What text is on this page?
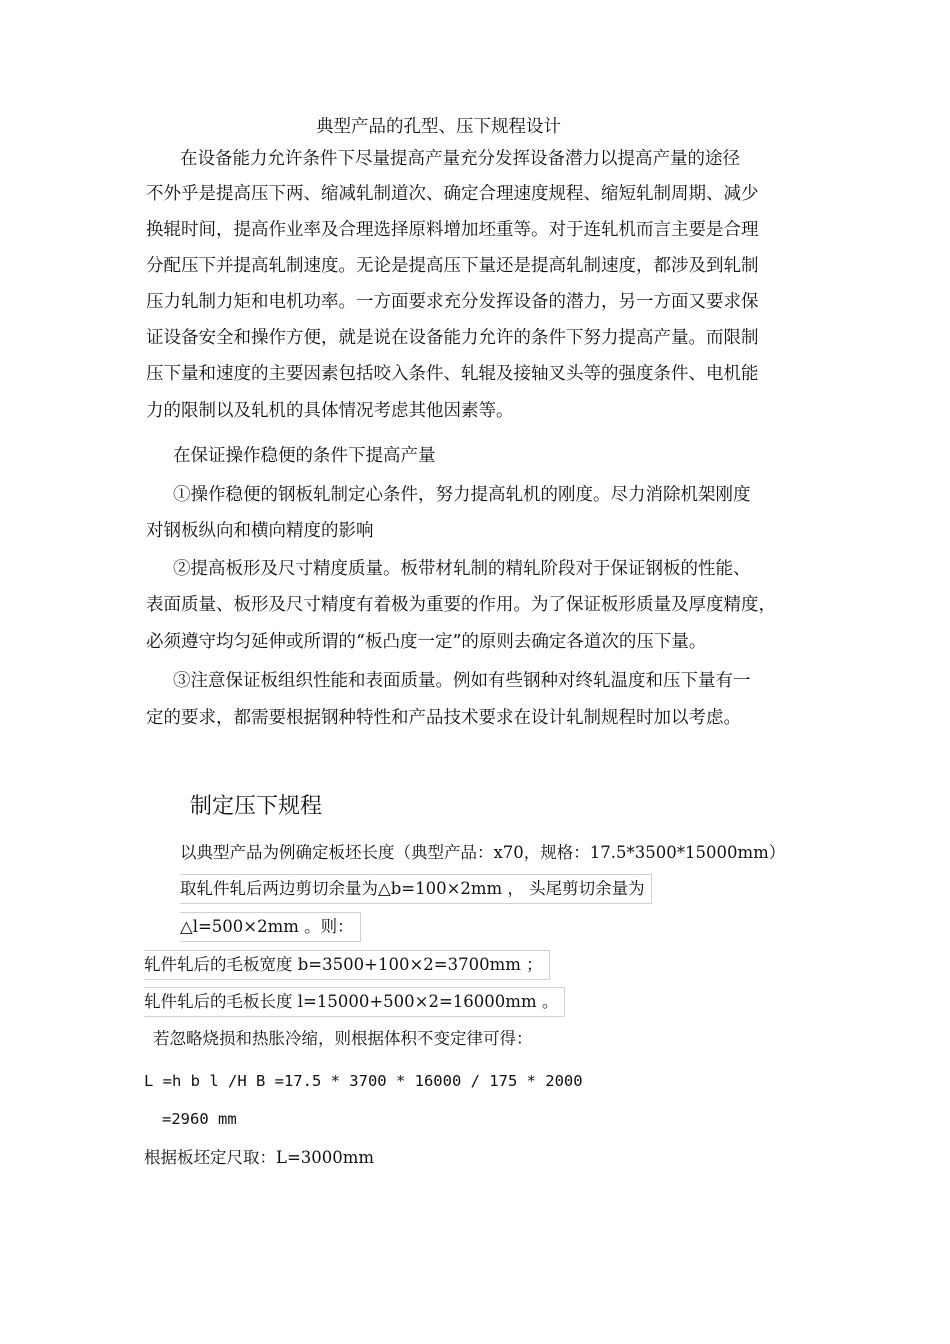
典型产品的孔型、压下规程设计
在设备能力允许条件下尽量提高产量充分发挥设备潜力以提高产量的途径
不外乎是提高压下两、缩减轧制道次、确定合理速度规程、缩短轧制周期、减少
换辊时间，提高作业率及合理选择原料增加坯重等。对于连轧机而言主要是合理
分配压下并提高轧制速度。无论是提高压下量还是提高轧制速度，都涉及到轧制
压力轧制力矩和电机功率。一方面要求充分发挥设备的潜力，另一方面又要求保
证设备安全和操作方便，就是说在设备能力允许的条件下努力提高产量。而限制
压下量和速度的主要因素包括咬入条件、轧辊及接轴叉头等的强度条件、电机能
力的限制以及轧机的具体情况考虑其他因素等。
在保证操作稳便的条件下提高产量
①操作稳便的钢板轧制定心条件，努力提高轧机的刚度。尽力消除机架刚度
对钢板纵向和横向精度的影响
②提高板形及尺寸精度质量。板带材轧制的精轧阶段对于保证钢板的性能、
表面质量、板形及尺寸精度有着极为重要的作用。为了保证板形质量及厚度精度，
必须遵守均匀延伸或所谓的“板凸度一定”的原则去确定各道次的压下量。
③注意保证板组织性能和表面质量。例如有些钢种对终轧温度和压下量有一
定的要求，都需要根据钢种特性和产品技术要求在设计轧制规程时加以考虑。
制定压下规程
以典型产品为例确定板坯长度（典型产品：x70，规格：17.5*3500*15000mm）
取轧件轧后两边剪切余量为△b=100×2mm ， 头尾剪切余量为
△l=500×2mm 。则：
轧件轧后的毛板宽度 b=3500+100×2=3700mm ；
轧件轧后的毛板长度 l=15000+500×2=16000mm 。
若忽略烧损和热胀冷缩，则根据体积不变定律可得：
L =h b l /H B =17.5 * 3700 * 16000 / 175 * 2000
=2960 mm
根据板坯定尺取：L=3000mm
